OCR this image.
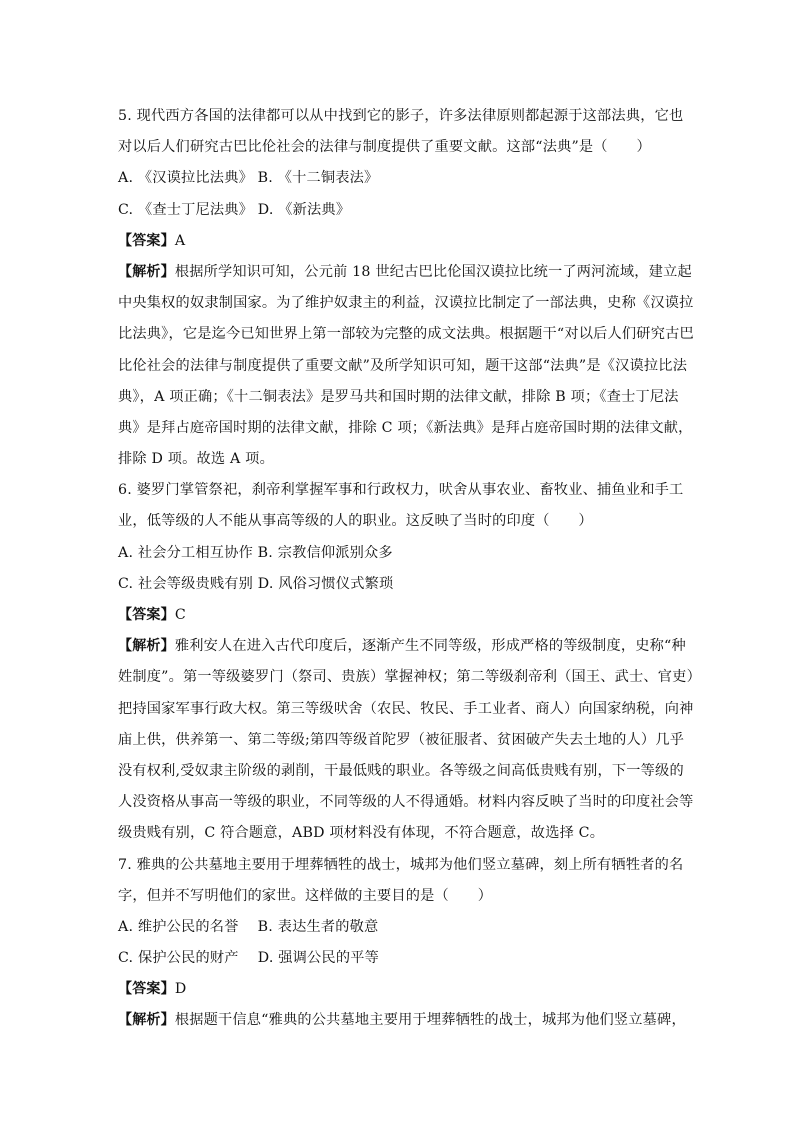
5. 现代西方各国的法律都可以从中找到它的影子，许多法律原则都起源于这部法典，它也
对以后人们研究古巴比伦社会的法律与制度提供了重要文献。这部“法典”是（　　）
A. 《汉谟拉比法典》 B. 《十二铜表法》
C. 《查士丁尼法典》 D. 《新法典》
【答案】A
【解析】根据所学知识可知，公元前 18 世纪古巴比伦国汉谟拉比统一了两河流域，建立起
中央集权的奴隶制国家。为了维护奴隶主的利益，汉谟拉比制定了一部法典，史称《汉谟拉
比法典》，它是迄今已知世界上第一部较为完整的成文法典。根据题干“对以后人们研究古巴
比伦社会的法律与制度提供了重要文献”及所学知识可知，题干这部“法典”是《汉谟拉比法
典》，A 项正确；《十二铜表法》是罗马共和国时期的法律文献，排除 B 项；《查士丁尼法
典》是拜占庭帝国时期的法律文献，排除 C 项；《新法典》是拜占庭帝国时期的法律文献，
排除 D 项。故选 A 项。
6. 婆罗门掌管祭祀，刹帝利掌握军事和行政权力，吠舍从事农业、畜牧业、捕鱼业和手工
业，低等级的人不能从事高等级的人的职业。这反映了当时的印度（　　）
A. 社会分工相互协作 B. 宗教信仰派别众多
C. 社会等级贵贱有别 D. 风俗习惯仪式繁琐
【答案】C
【解析】雅利安人在进入古代印度后，逐渐产生不同等级，形成严格的等级制度，史称“种
姓制度”。第一等级婆罗门（祭司、贵族）掌握神权；第二等级刹帝利（国王、武士、官吏）
把持国家军事行政大权。第三等级吠舍（农民、牧民、手工业者、商人）向国家纳税，向神
庙上供，供养第一、第二等级;第四等级首陀罗（被征服者、贫困破产失去土地的人）几乎
没有权利,受奴隶主阶级的剥削，干最低贱的职业。各等级之间高低贵贱有别，下一等级的
人没资格从事高一等级的职业，不同等级的人不得通婚。材料内容反映了当时的印度社会等
级贵贱有别，C 符合题意，ABD 项材料没有体现，不符合题意，故选择 C。
7. 雅典的公共墓地主要用于埋葬牺牲的战士，城邦为他们竖立墓碑，刻上所有牺牲者的名
字，但并不写明他们的家世。这样做的主要目的是（　　）
A. 维护公民的名誉　 B. 表达生者的敬意
C. 保护公民的财产　 D. 强调公民的平等
【答案】D
【解析】根据题干信息“雅典的公共墓地主要用于埋葬牺牲的战士，城邦为他们竖立墓碑，
